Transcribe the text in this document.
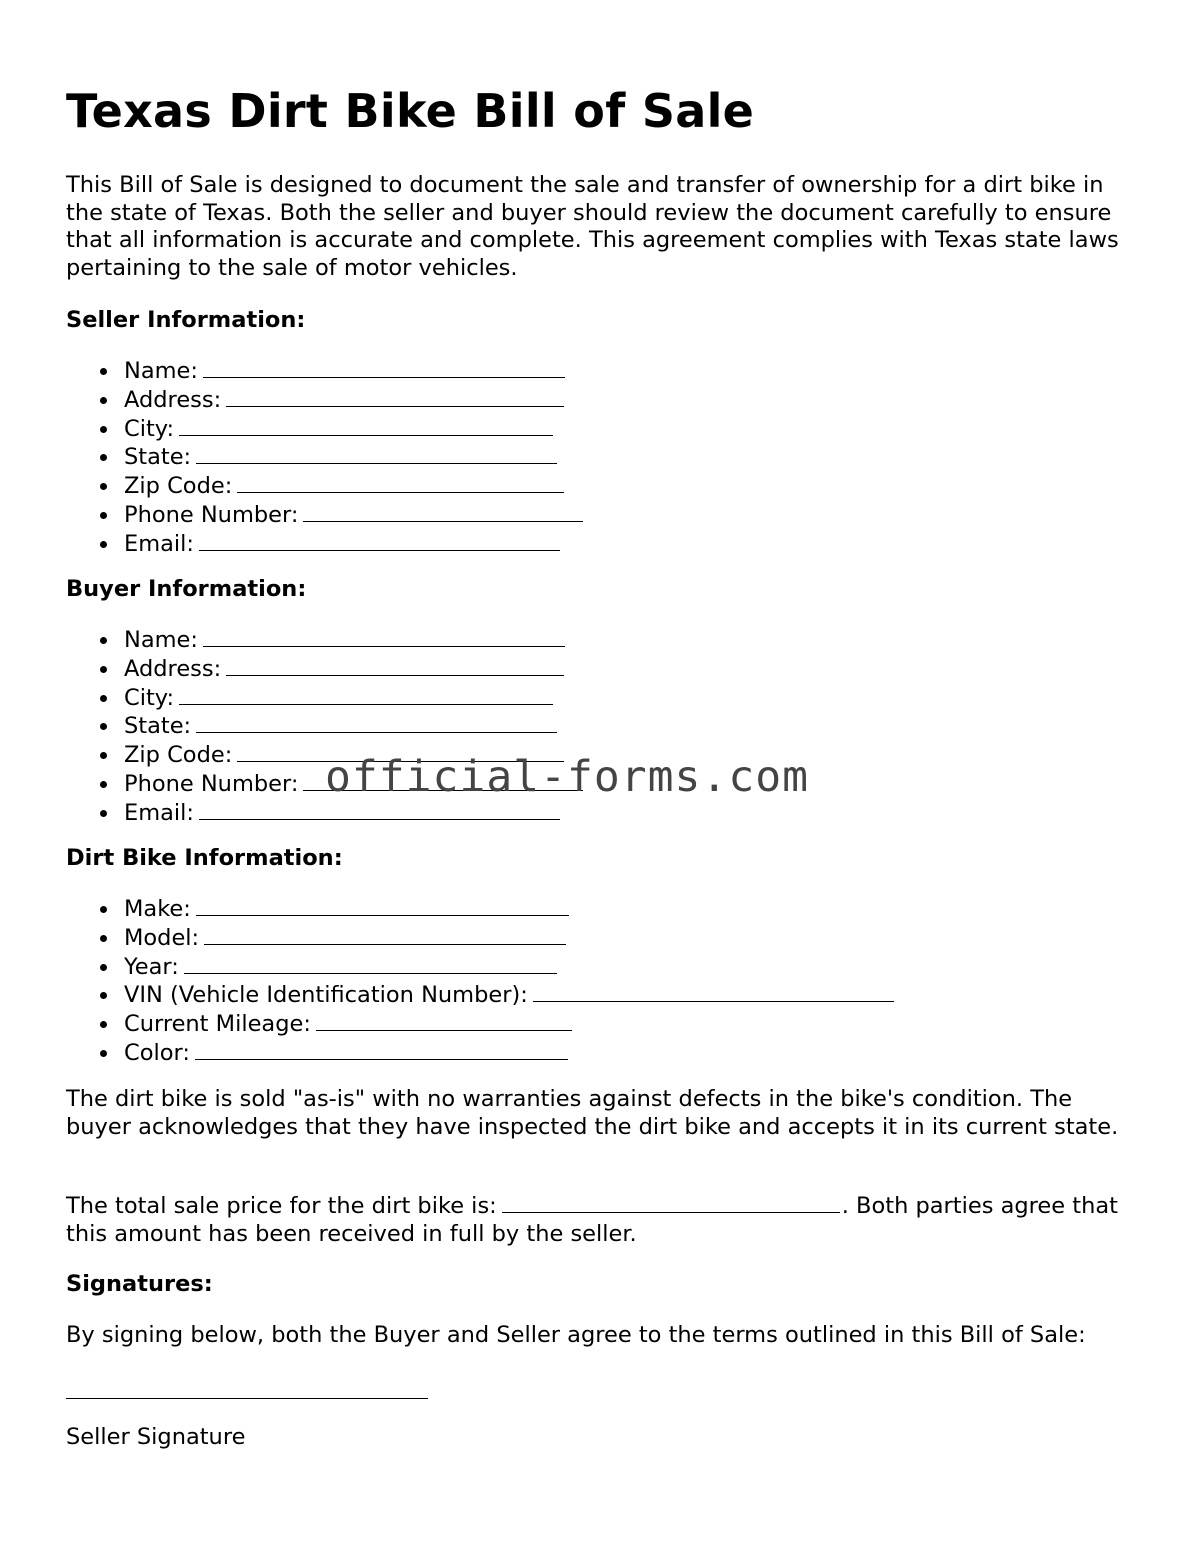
Texas Dirt Bike Bill of Sale

This Bill of Sale is designed to document the sale and transfer of ownership for a dirt bike in the state of Texas. Both the seller and buyer should review the document carefully to ensure that all information is accurate and complete. This agreement complies with Texas state laws pertaining to the sale of motor vehicles.

Seller Information:

Name:
Address:
City:
State:
Zip Code:
Phone Number:
Email:

Buyer Information:

Name:
Address:
City:
State:
Zip Code:
Phone Number:
Email:

Dirt Bike Information:

Make:
Model:
Year:
VIN (Vehicle Identification Number):
Current Mileage:
Color:

The dirt bike is sold "as-is" with no warranties against defects in the bike's condition. The buyer acknowledges that they have inspected the dirt bike and accepts it in its current state.

The total sale price for the dirt bike is:	. Both parties agree that this amount has been received in full by the seller.

Signatures:

By signing below, both the Buyer and Seller agree to the terms outlined in this Bill of Sale:

Seller Signature

official-forms.com
